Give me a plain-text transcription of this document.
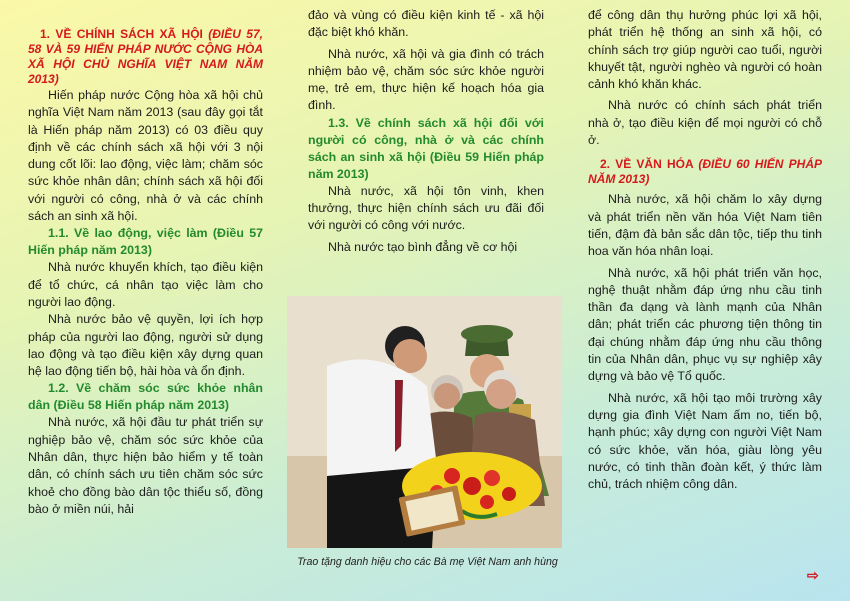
1. VỀ CHÍNH SÁCH XÃ HỘI (ĐIỀU 57, 58 VÀ 59 HIẾN PHÁP NƯỚC CỘNG HÒA XÃ HỘI CHỦ NGHĨA VIỆT NAM NĂM 2013)

Hiến pháp nước Cộng hòa xã hội chủ nghĩa Việt Nam năm 2013 (sau đây gọi tắt là Hiến pháp năm 2013) có 03 điều quy định về các chính sách xã hội với 3 nội dung cốt lõi: lao động, việc làm; chăm sóc sức khỏe nhân dân; chính sách xã hội đối với người có công, nhà ở và các chính sách an sinh xã hội.

1.1. Về lao động, việc làm (Điều 57 Hiến pháp năm 2013)

Nhà nước khuyến khích, tạo điều kiện để tổ chức, cá nhân tạo việc làm cho người lao động.

Nhà nước bảo vệ quyền, lợi ích hợp pháp của người lao động, người sử dụng lao động và tạo điều kiện xây dựng quan hệ lao động tiến bộ, hài hòa và ổn định.

1.2. Về chăm sóc sức khỏe nhân dân (Điều 58 Hiến pháp năm 2013)

Nhà nước, xã hội đầu tư phát triển sự nghiệp bảo vệ, chăm sóc sức khỏe của Nhân dân, thực hiện bảo hiểm y tế toàn dân, có chính sách ưu tiên chăm sóc sức khoẻ cho đồng bào dân tộc thiểu số, đồng bào ở miền núi, hải

đảo và vùng có điều kiện kinh tế - xã hội đặc biệt khó khăn.

Nhà nước, xã hội và gia đình có trách nhiệm bảo vệ, chăm sóc sức khỏe người mẹ, trẻ em, thực hiện kế hoạch hóa gia đình.

1.3. Về chính sách xã hội đối với người có công, nhà ở và các chính sách an sinh xã hội (Điều 59 Hiến pháp năm 2013)

Nhà nước, xã hội tôn vinh, khen thưởng, thực hiện chính sách ưu đãi đối với người có công với nước.

Nhà nước tạo bình đẳng về cơ hội

Trao tặng danh hiệu cho các Bà mẹ Việt Nam anh hùng

để công dân thụ hưởng phúc lợi xã hội, phát triển hệ thống an sinh xã hội, có chính sách trợ giúp người cao tuổi, người khuyết tật, người nghèo và người có hoàn cảnh khó khăn khác.

Nhà nước có chính sách phát triển nhà ở, tạo điều kiện để mọi người có chỗ ở.

2. VỀ VĂN HÓA (ĐIỀU 60 HIẾN PHÁP NĂM 2013)

Nhà nước, xã hội chăm lo xây dựng và phát triển nền văn hóa Việt Nam tiên tiến, đậm đà bản sắc dân tộc, tiếp thu tinh hoa văn hóa nhân loại.

Nhà nước, xã hội phát triển văn học, nghệ thuật nhằm đáp ứng nhu cầu tinh thần đa dạng và lành mạnh của Nhân dân; phát triển các phương tiện thông tin đại chúng nhằm đáp ứng nhu cầu thông tin của Nhân dân, phục vụ sự nghiệp xây dựng và bảo vệ Tổ quốc.

Nhà nước, xã hội tạo môi trường xây dựng gia đình Việt Nam ấm no, tiến bộ, hạnh phúc; xây dựng con người Việt Nam có sức khỏe, văn hóa, giàu lòng yêu nước, có tinh thần đoàn kết, ý thức làm chủ, trách nhiệm công dân.

⇨
